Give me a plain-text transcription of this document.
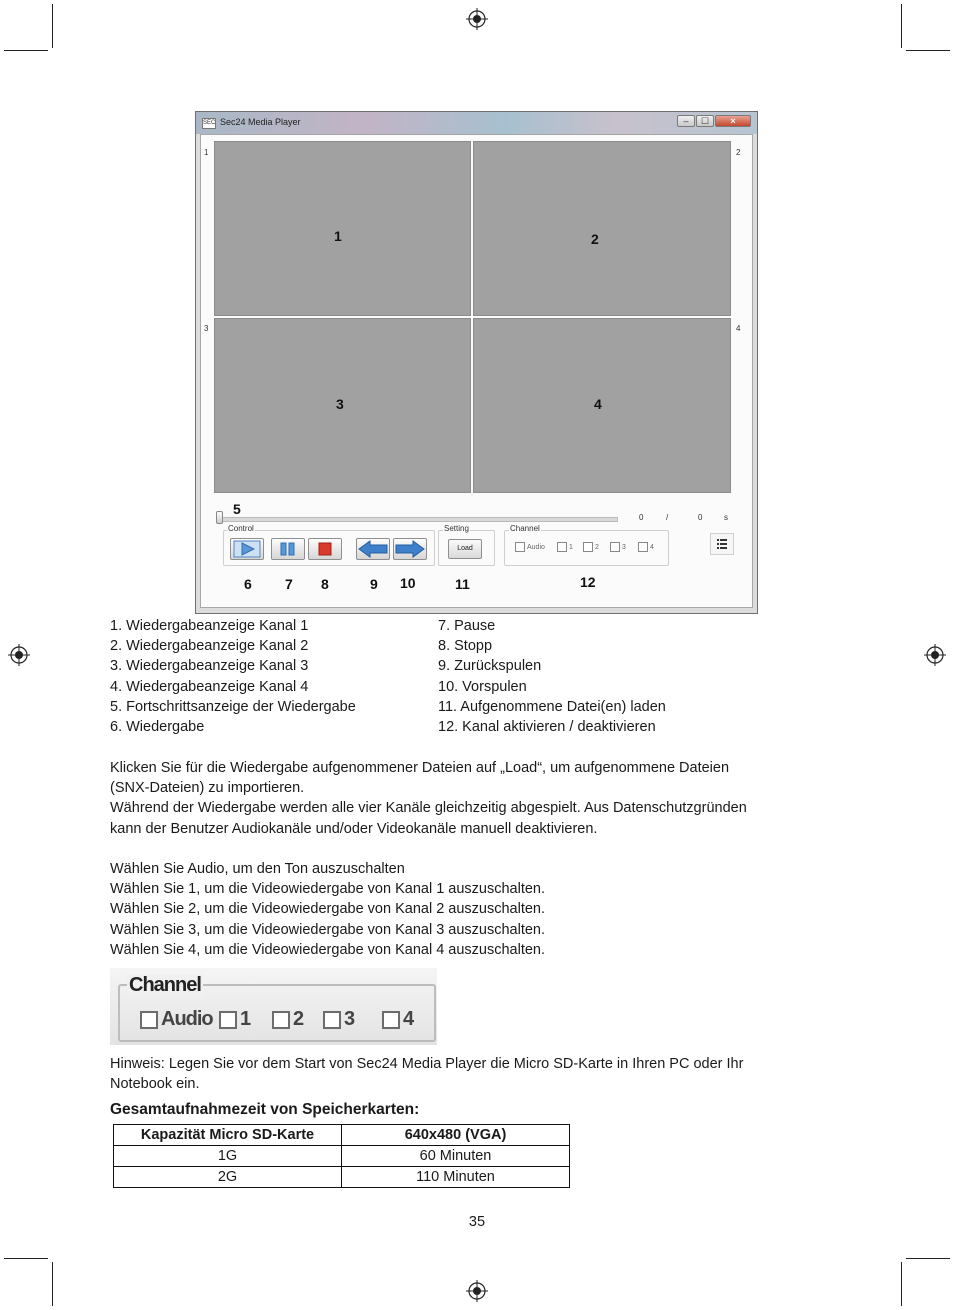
SEC Sec24 Media Player	‒	☐	×
1	2
3	4
1	2
3	4
0	/	0	s
Control	Setting
Load
Channel
Audio	1	2	3	4
5
6 7 8	9 10	11	12
1. Wiedergabeanzeige Kanal 1
2. Wiedergabeanzeige Kanal 2
3. Wiedergabeanzeige Kanal 3
4. Wiedergabeanzeige Kanal 4
5. Fortschrittsanzeige der Wiedergabe
6. Wiedergabe
7. Pause
8. Stopp
9. Zurückspulen
10. Vorspulen
11. Aufgenommene Datei(en) laden
12. Kanal aktivieren / deaktivieren

Klicken Sie für die Wiedergabe aufgenommener Dateien auf „Load“, um aufgenommene Dateien

(SNX-Dateien) zu importieren.

Während der Wiedergabe werden alle vier Kanäle gleichzeitig abgespielt. Aus Datenschutzgründen

kann der Benutzer Audiokanäle und/oder Videokanäle manuell deaktivieren.

Wählen Sie Audio, um den Ton auszuschalten

Wählen Sie 1, um die Videowiedergabe von Kanal 1 auszuschalten.

Wählen Sie 2, um die Videowiedergabe von Kanal 2 auszuschalten.

Wählen Sie 3, um die Videowiedergabe von Kanal 3 auszuschalten.

Wählen Sie 4, um die Videowiedergabe von Kanal 4 auszuschalten.

Channel
Audio 1 2 3 4

Hinweis: Legen Sie vor dem Start von Sec24 Media Player die Micro SD-Karte in Ihren PC oder Ihr

Notebook ein.

Gesamtaufnahmezeit von Speicherkarten:
Kapazität Micro SD-Karte	640x480 (VGA)
1G	60 Minuten
2G	110 Minuten
35
